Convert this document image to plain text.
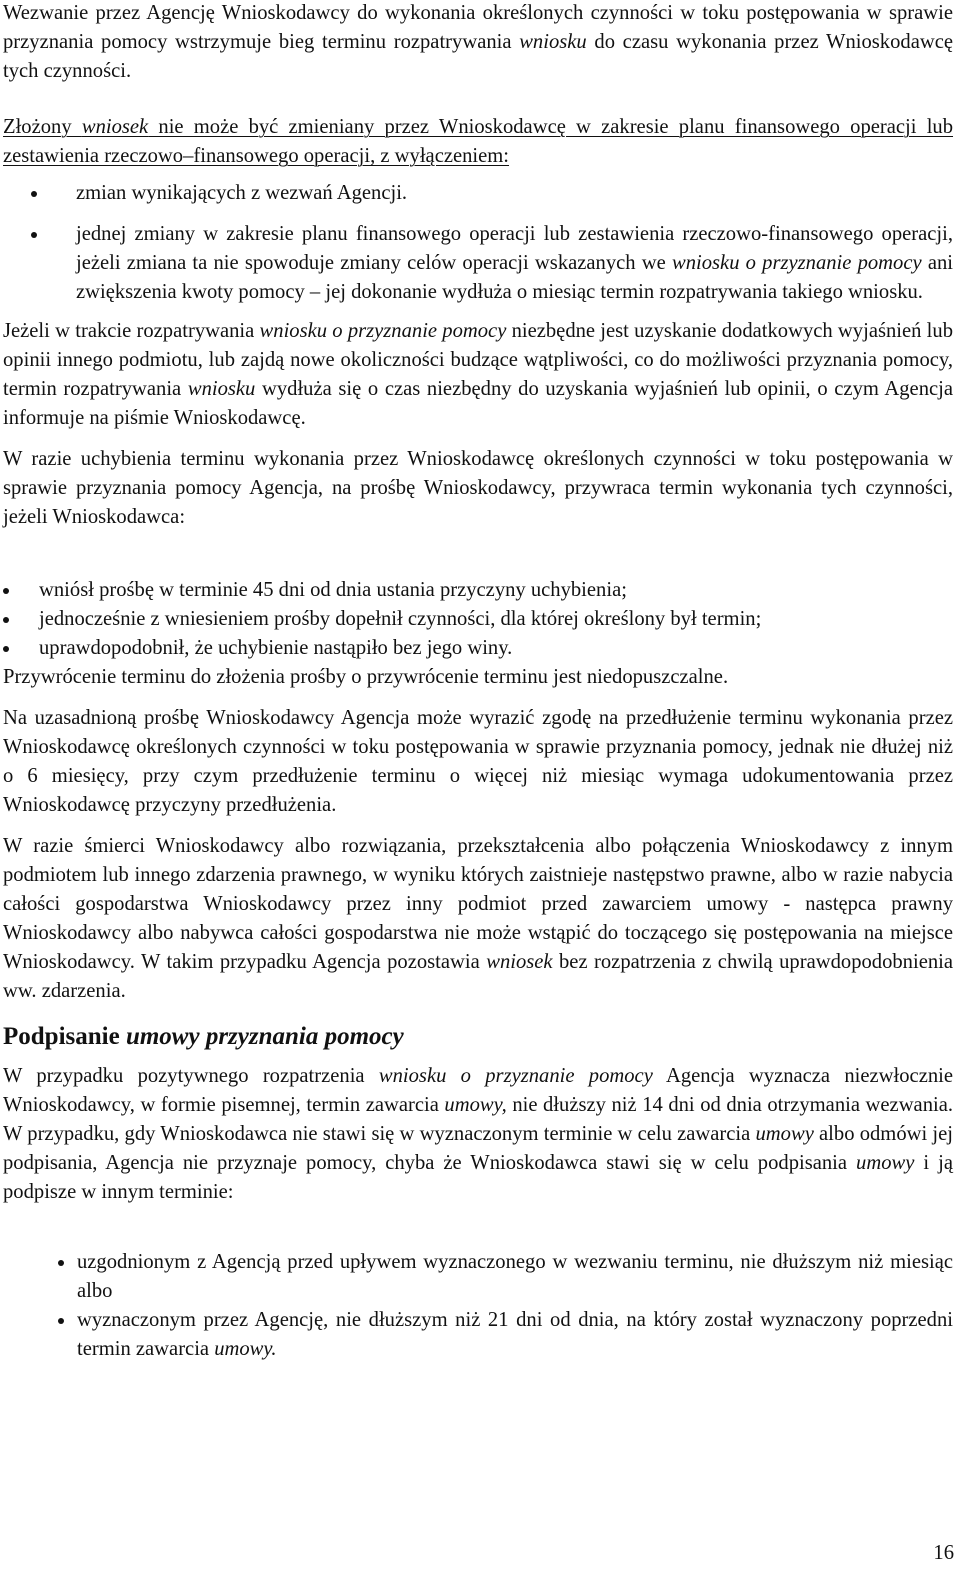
Wezwanie przez Agencję Wnioskodawcy do wykonania określonych czynności w toku postępowania w sprawie przyznania pomocy wstrzymuje bieg terminu rozpatrywania wniosku do czasu wykonania przez Wnioskodawcę tych czynności.

Złożony wniosek nie może być zmieniany przez Wnioskodawcę w zakresie planu finansowego operacji lub zestawienia rzeczowo–finansowego operacji, z wyłączeniem:

zmian wynikających z wezwań Agencji.
jednej zmiany w zakresie planu finansowego operacji lub zestawienia rzeczowo-finansowego operacji, jeżeli zmiana ta nie spowoduje zmiany celów operacji wskazanych we wniosku o przyznanie pomocy ani zwiększenia kwoty pomocy – jej dokonanie wydłuża o miesiąc termin rozpatrywania takiego wniosku.

Jeżeli w trakcie rozpatrywania wniosku o przyznanie pomocy niezbędne jest uzyskanie dodatkowych wyjaśnień lub opinii innego podmiotu, lub zajdą nowe okoliczności budzące wątpliwości, co do możliwości przyznania pomocy, termin rozpatrywania wniosku wydłuża się o czas niezbędny do uzyskania wyjaśnień lub opinii, o czym Agencja informuje na piśmie Wnioskodawcę.

W razie uchybienia terminu wykonania przez Wnioskodawcę określonych czynności w toku postępowania w sprawie przyznania pomocy Agencja, na prośbę Wnioskodawcy, przywraca termin wykonania tych czynności, jeżeli Wnioskodawca:

wniósł prośbę w terminie 45 dni od dnia ustania przyczyny uchybienia;
jednocześnie z wniesieniem prośby dopełnił czynności, dla której określony był termin;
uprawdopodobnił, że uchybienie nastąpiło bez jego winy.

Przywrócenie terminu do złożenia prośby o przywrócenie terminu jest niedopuszczalne.

Na uzasadnioną prośbę Wnioskodawcy Agencja może wyrazić zgodę na przedłużenie terminu wykonania przez Wnioskodawcę określonych czynności w toku postępowania w sprawie przyznania pomocy, jednak nie dłużej niż o 6 miesięcy, przy czym przedłużenie terminu o więcej niż miesiąc wymaga udokumentowania przez Wnioskodawcę przyczyny przedłużenia.

W razie śmierci Wnioskodawcy albo rozwiązania, przekształcenia albo połączenia Wnioskodawcy z innym podmiotem lub innego zdarzenia prawnego, w wyniku których zaistnieje następstwo prawne, albo w razie nabycia całości gospodarstwa Wnioskodawcy przez inny podmiot przed zawarciem umowy - następca prawny Wnioskodawcy albo nabywca całości gospodarstwa nie może wstąpić do toczącego się postępowania na miejsce Wnioskodawcy. W takim przypadku Agencja pozostawia wniosek bez rozpatrzenia z chwilą uprawdopodobnienia ww. zdarzenia.

Podpisanie umowy przyznania pomocy

W przypadku pozytywnego rozpatrzenia wniosku o przyznanie pomocy Agencja wyznacza niezwłocznie Wnioskodawcy, w formie pisemnej, termin zawarcia umowy, nie dłuższy niż 14 dni od dnia otrzymania wezwania. W przypadku, gdy Wnioskodawca nie stawi się w wyznaczonym terminie w celu zawarcia umowy albo odmówi jej podpisania, Agencja nie przyznaje pomocy, chyba że Wnioskodawca stawi się w celu podpisania umowy i ją podpisze w innym terminie:

uzgodnionym z Agencją przed upływem wyznaczonego w wezwaniu terminu, nie dłuższym niż miesiąc albo
wyznaczonym przez Agencję, nie dłuższym niż 21 dni od dnia, na który został wyznaczony poprzedni termin zawarcia umowy.
16
